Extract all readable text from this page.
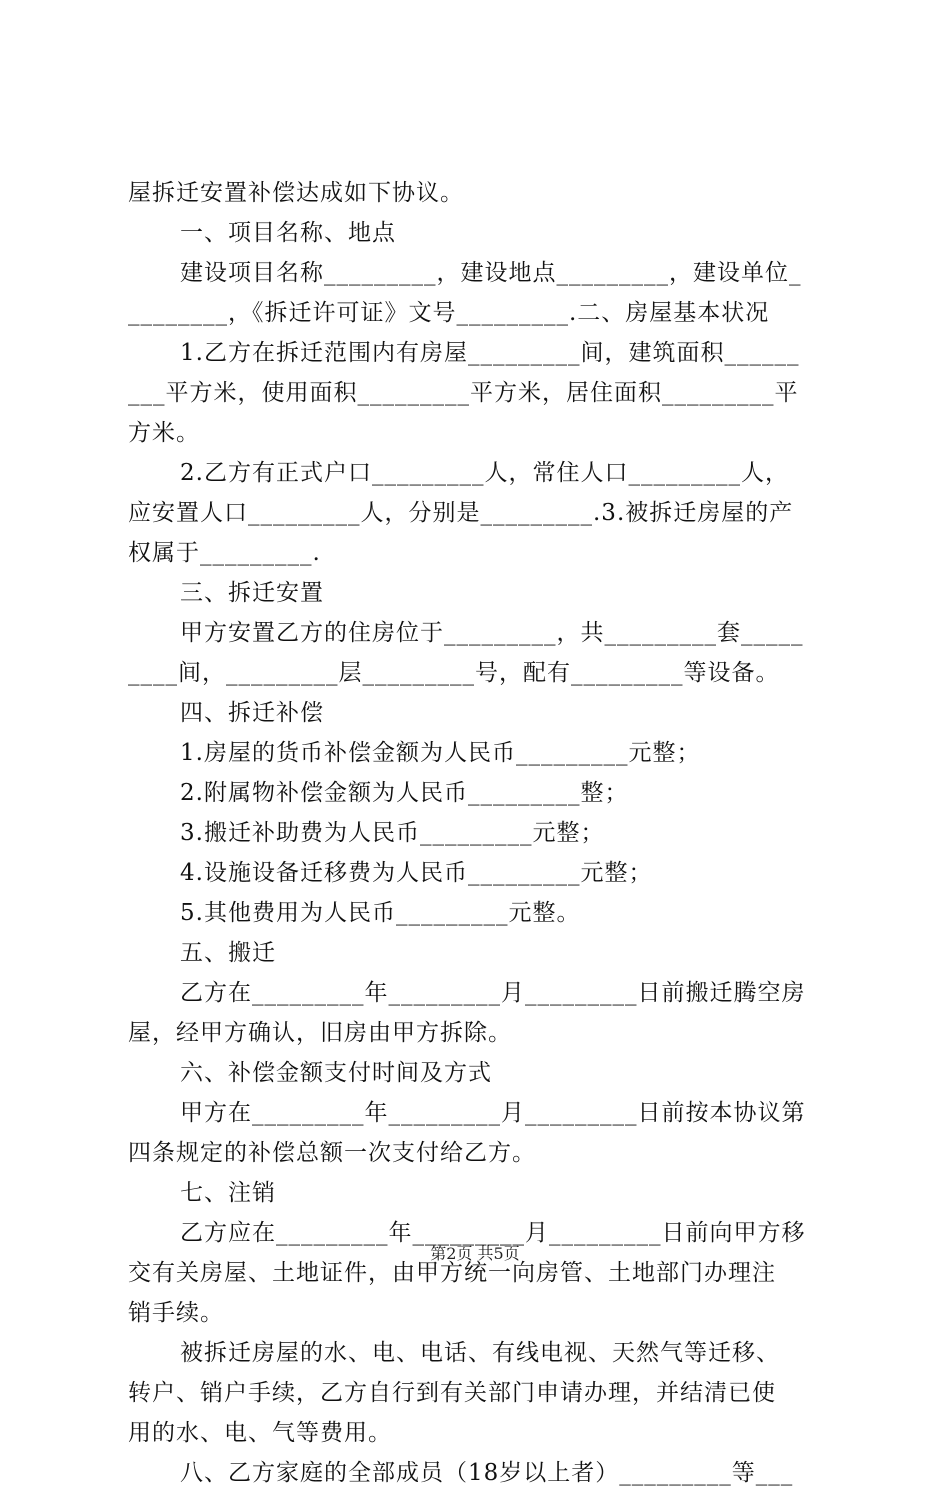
屋拆迁安置补偿达成如下协议。
一、项目名称、地点
建设项目名称_________，建设地点_________，建设单位_
________，《拆迁许可证》文号_________.二、房屋基本状况
1.乙方在拆迁范围内有房屋_________间，建筑面积______
___平方米，使用面积_________平方米，居住面积_________平
方米。
2.乙方有正式户口_________人，常住人口_________人，
应安置人口_________人，分别是_________.3.被拆迁房屋的产
权属于_________.
三、拆迁安置
甲方安置乙方的住房位于_________，共_________套_____
____间，_________层_________号，配有_________等设备。
四、拆迁补偿
1.房屋的货币补偿金额为人民币_________元整；
2.附属物补偿金额为人民币_________整；
3.搬迁补助费为人民币_________元整；
4.设施设备迁移费为人民币_________元整；
5.其他费用为人民币_________元整。
五、搬迁
乙方在_________年_________月_________日前搬迁腾空房
屋，经甲方确认，旧房由甲方拆除。
六、补偿金额支付时间及方式
甲方在_________年_________月_________日前按本协议第
四条规定的补偿总额一次支付给乙方。
七、注销
乙方应在_________年_________月_________日前向甲方移
交有关房屋、土地证件，由甲方统一向房管、土地部门办理注
销手续。
被拆迁房屋的水、电、电话、有线电视、天然气等迁移、
转户、销户手续，乙方自行到有关部门申请办理，并结清已使
用的水、电、气等费用。
八、乙方家庭的全部成员（18岁以上者）_________等___
第2页 共5页
